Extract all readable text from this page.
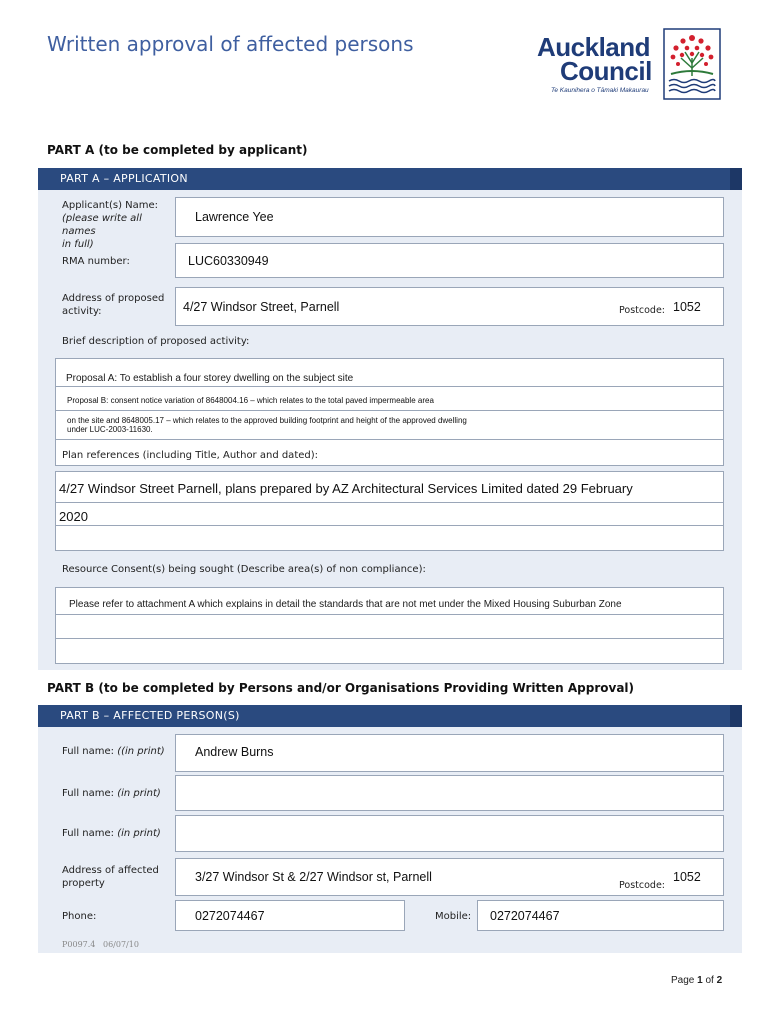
Written approval of affected persons	Auckland
Council
Te Kaunihera o Tāmaki Makaurau
PART A (to be completed by applicant)
PART A – APPLICATION
Applicant(s) Name:
(please write all names
in full)
Lawrence Yee
RMA number:	LUC60330949
Address of proposed
activity:	4/27 Windsor Street, Parnell	Postcode: 1052
Brief description of proposed activity:
Proposal A: To establish a four storey dwelling on the subject site
Proposal B: consent notice variation of 8648004.16 – which relates to the total paved impermeable area
on the site and 8648005.17 – which relates to the approved building footprint and height of the approved dwelling
under LUC-2003-11630.
Plan references (including Title, Author and dated):
4/27 Windsor Street Parnell, plans prepared by AZ Architectural Services Limited dated 29 February
2020
Resource Consent(s) being sought (Describe area(s) of non compliance):
Please refer to attachment A which explains in detail the standards that are not met under the Mixed Housing Suburban Zone
PART B (to be completed by Persons and/or Organisations Providing Written Approval)
PART B – AFFECTED PERSON(S)
Full name: ((in print) Andrew Burns
Full name: (in print)
Full name: (in print)
Address of affected
property	3/27 Windsor St & 2/27 Windsor st, Parnell
Postcode:
1052
Phone:	0272074467	Mobile: 0272074467
P0097.4   06/07/10
Page 1 of 2
